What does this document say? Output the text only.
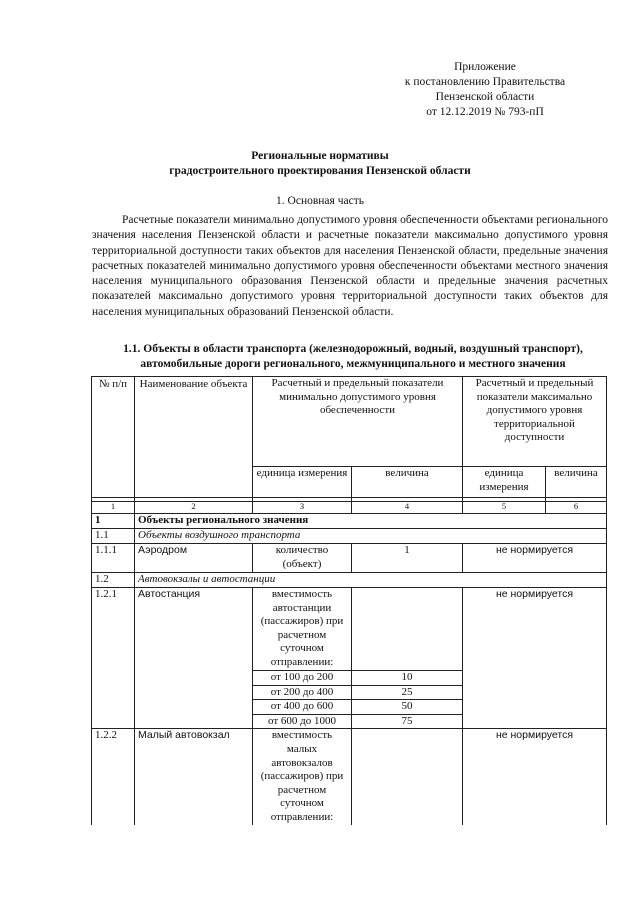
Приложение
к постановлению Правительства
Пензенской области
от 12.12.2019 № 793-пП
Региональные нормативы
градостроительного проектирования Пензенской области
1. Основная часть

Расчетные показатели минимально допустимого уровня обеспеченности объектами регионального значения населения Пензенской области и расчетные показатели максимально допустимого уровня территориальной доступности таких объектов для населения Пензенской области, предельные значения расчетных показателей минимально допустимого уровня обеспеченности объектами местного значения населения муниципального образования Пензенской области и предельные значения расчетных показателей максимально допустимого уровня территориальной доступности таких объектов для населения муниципальных образований Пензенской области.

1.1. Объекты в области транспорта (железнодорожный, водный, воздушный транспорт),
автомобильные дороги регионального, межмуниципального и местного значения
№ п/п	Наименование объекта	Расчетный и предельный показатели минимально допустимого уровня обеспеченности		Расчетный и предельный показатели максимально допустимого уровня территориальной доступности	
		единица измерения	величина	единица измерения	величина

1	2	3	4	5	6
1	Объекты регионального значения				
1.1	Объекты воздушного транспорта				
1.1.1	Аэродром	количество (объект)	1	не нормируется	
1.2	Автовокзалы и автостанции				
1.2.1	Автостанция	вместимость автостанции (пассажиров) при расчетном суточном отправлении:		не нормируется	
		от 100 до 200	10		
		от 200 до 400	25		
		от 400 до 600	50		
		от 600 до 1000	75		
1.2.2	Малый автовокзал	вместимость малых автовокзалов (пассажиров) при расчетном суточном отправлении:		не нормируется	
